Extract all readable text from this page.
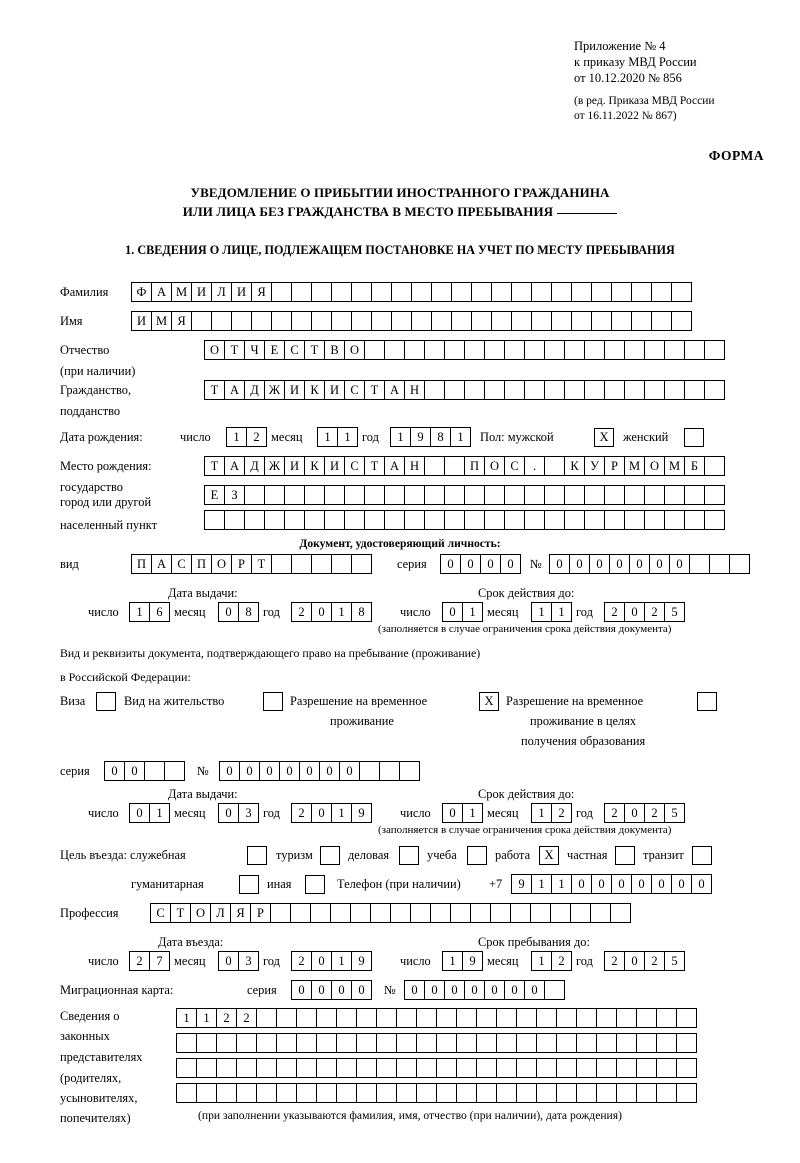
Приложение № 4
к приказу МВД России
от 10.12.2020 № 856
(в ред. Приказа МВД России
от 16.11.2022 № 867)
ФОРМА
УВЕДОМЛЕНИЕ О ПРИБЫТИИ ИНОСТРАННОГО ГРАЖДАНИНА
ИЛИ ЛИЦА БЕЗ ГРАЖДАНСТВА В МЕСТО ПРЕБЫВАНИЯ
1. СВЕДЕНИЯ О ЛИЦЕ, ПОДЛЕЖАЩЕМ ПОСТАНОВКЕ НА УЧЕТ ПО МЕСТУ ПРЕБЫВАНИЯ
Фамилия	Ф А М И Л И Я
Имя	И М Я
Отчество	О Т Ч Е С Т В О
(при наличии)
Гражданство,	Т А Д Ж И К И С Т А Н
подданство
Дата рождения:	число	1	2 месяц	1	1 год	1	9	8	1	Пол: мужской	X	женский
Место рождения:	Т А Д Ж И К И С Т А Н	П О С	.	К У Р М О М Б
государство
Е	З
город или другой
населенный пункт
Документ, удостоверяющий личность:
вид	П А С П О Р	Т	серия	0	0	0	0	№	0	0	0	0	0	0	0
Дата выдачи:	Срок действия до:
число	1	6 месяц	0	8 год	2	0	1	8	число	0	1 месяц	1	1 год	2	0	2	5
(заполняется в случае ограничения срока действия документа)
Вид и реквизиты документа, подтверждающего право на пребывание (проживание)
в Российской Федерации:
Виза	Вид на жительство	Разрешение на временное	X	Разрешение на временное
проживание	проживание в целях
получения образования
серия	0	0	№	0	0	0	0	0	0	0
Дата выдачи:	Срок действия до:
число	0	1 месяц	0	3 год	2	0	1	9	число	0	1 месяц	1	2 год	2	0	2	5
(заполняется в случае ограничения срока действия документа)
Цель въезда: служебная	туризм	деловая	учеба	работа	X	частная	транзит
гуманитарная	иная	Телефон (при наличии) +7	9	1	1	0	0	0	0	0	0	0
Профессия	С Т О Л Я Р
Дата въезда:	Срок пребывания до:
число	2	7 месяц	0	3 год	2	0	1	9	число	1	9 месяц	1	2 год	2	0	2	5
Миграционная карта:	серия	0	0	0	0	№	0	0	0	0	0	0	0
Сведения о
законных
представителях
(родителях,
усыновителях,
попечителях)
1	1	2	2
(при заполнении указываются фамилия, имя, отчество (при наличии), дата рождения)
